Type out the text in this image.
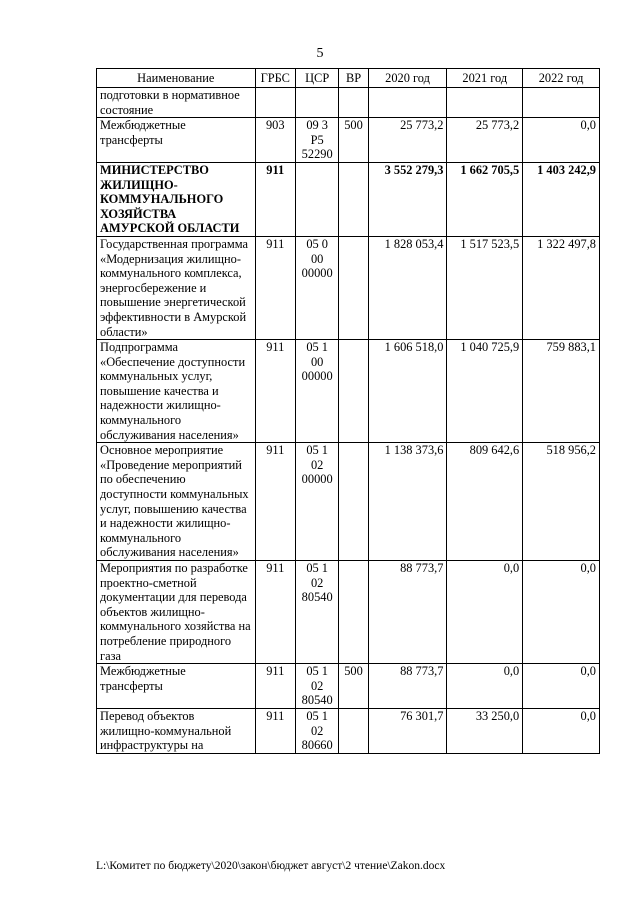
5
Наименование	ГРБС	ЦСР	ВР	2020 год	2021 год	2022 год
подготовки в нормативное состояние						
Межбюджетные трансферты	903	09 3 P5 52290	500	25 773,2	25 773,2	0,0
МИНИСТЕРСТВО ЖИЛИЩНО-КОММУНАЛЬНОГО ХОЗЯЙСТВА АМУРСКОЙ ОБЛАСТИ	911			3 552 279,3	1 662 705,5	1 403 242,9
Государственная программа «Модернизация жилищно-коммунального комплекса, энергосбережение и повышение энергетической эффективности в Амурской области»	911	05 0 00 00000		1 828 053,4	1 517 523,5	1 322 497,8
Подпрограмма «Обеспечение доступности коммунальных услуг, повышение качества и надежности жилищно-коммунального обслуживания населения»	911	05 1 00 00000		1 606 518,0	1 040 725,9	759 883,1
Основное мероприятие «Проведение мероприятий по обеспечению доступности коммунальных услуг, повышению качества и надежности жилищно-коммунального обслуживания населения»	911	05 1 02 00000		1 138 373,6	809 642,6	518 956,2
Мероприятия по разработке проектно-сметной документации для перевода объектов жилищно-коммунального хозяйства на потребление природного газа	911	05 1 02 80540		88 773,7	0,0	0,0
Межбюджетные трансферты	911	05 1 02 80540	500	88 773,7	0,0	0,0
Перевод объектов жилищно-коммунальной инфраструктуры на	911	05 1 02 80660		76 301,7	33 250,0	0,0
L:\Комитет по бюджету\2020\закон\бюджет август\2 чтение\Zakon.docx
